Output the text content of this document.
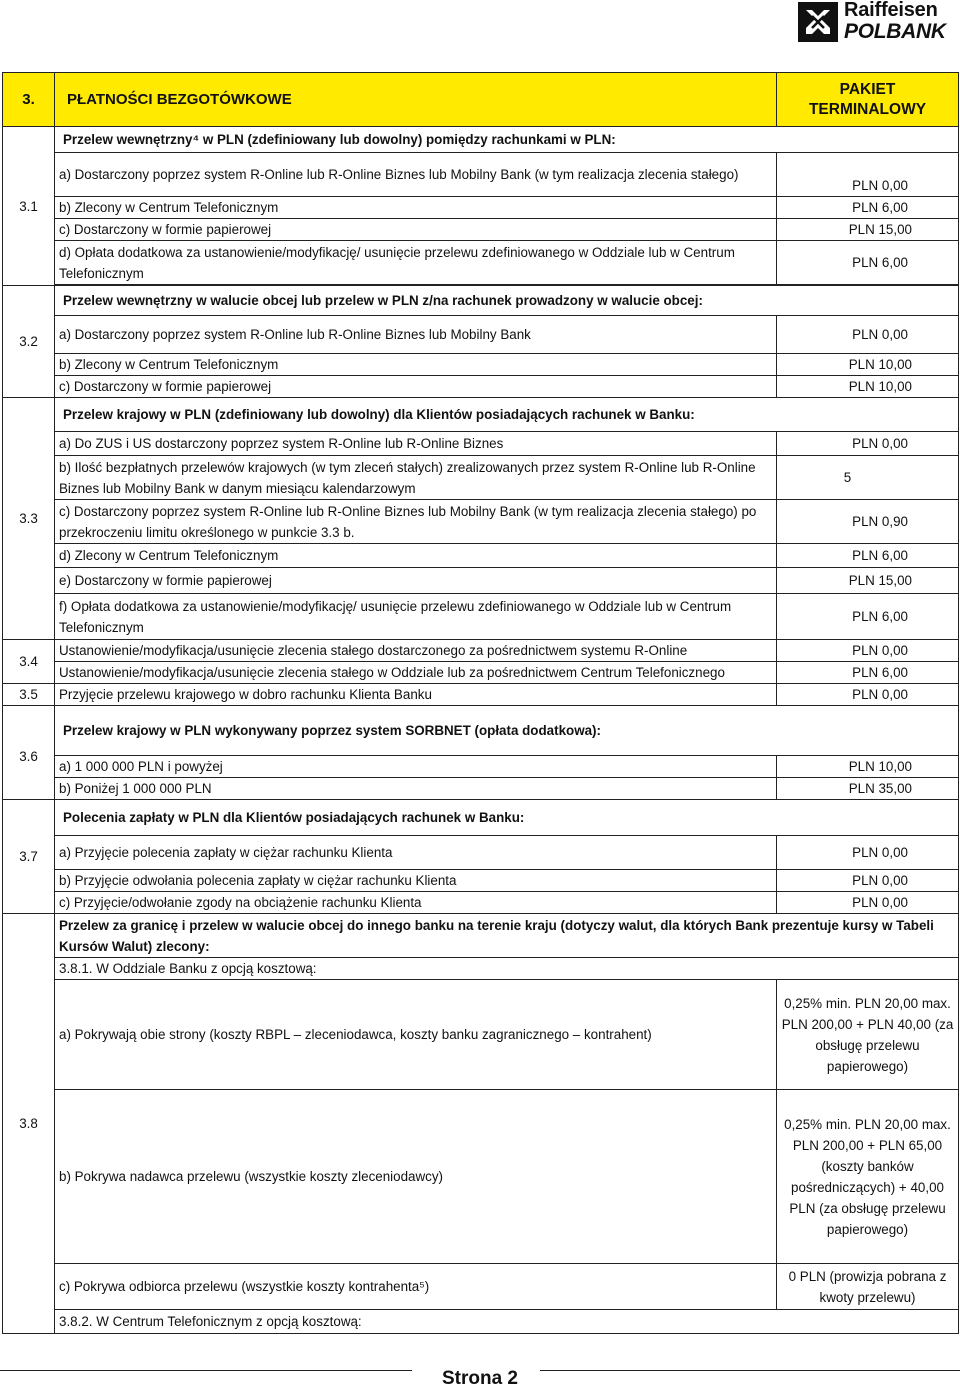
Raiffeisen
POLBANK
3.	PŁATNOŚCI BEZGOTÓWKOWE	PAKIET TERMINALOWY
3.1	Przelew wewnętrzny⁴ w PLN (zdefiniowany lub dowolny) pomiędzy rachunkami w PLN:	
	a) Dostarczony poprzez system R-Online lub R-Online Biznes lub Mobilny Bank (w tym realizacja zlecenia stałego)	PLN 0,00
	b) Zlecony w Centrum Telefonicznym	PLN 6,00
	c) Dostarczony w formie papierowej	PLN 15,00
	d) Opłata dodatkowa za ustanowienie/modyfikację/ usunięcie przelewu zdefiniowanego w Oddziale lub w Centrum Telefonicznym	PLN 6,00

3.2	Przelew wewnętrzny w walucie obcej lub przelew w PLN z/na rachunek prowadzony w walucie obcej:	
	a) Dostarczony poprzez system R-Online lub R-Online Biznes lub Mobilny Bank	PLN 0,00
	b) Zlecony w Centrum Telefonicznym	PLN 10,00
	c) Dostarczony w formie papierowej	PLN 10,00
3.3	Przelew krajowy w PLN (zdefiniowany lub dowolny) dla Klientów posiadających rachunek w Banku:	
	a) Do ZUS i US dostarczony poprzez system R-Online lub R-Online Biznes	PLN 0,00
	b) Ilość bezpłatnych przelewów krajowych (w tym zleceń stałych) zrealizowanych przez system R-Online lub R-Online Biznes lub Mobilny Bank w danym miesiącu kalendarzowym	5
	c) Dostarczony poprzez system R-Online lub R-Online Biznes lub Mobilny Bank (w tym realizacja zlecenia stałego) po przekroczeniu limitu określonego w punkcie 3.3 b.	PLN 0,90
	d) Zlecony w Centrum Telefonicznym	PLN 6,00
	e) Dostarczony w formie papierowej	PLN 15,00
	f) Opłata dodatkowa za ustanowienie/modyfikację/ usunięcie przelewu zdefiniowanego w Oddziale lub w Centrum Telefonicznym	PLN 6,00
3.4	Ustanowienie/modyfikacja/usunięcie zlecenia stałego dostarczonego za pośrednictwem systemu R-Online	PLN 0,00
	Ustanowienie/modyfikacja/usunięcie zlecenia stałego w Oddziale lub za pośrednictwem Centrum Telefonicznego	PLN 6,00
3.5	Przyjęcie przelewu krajowego w dobro rachunku Klienta Banku	PLN 0,00
3.6	Przelew krajowy w PLN wykonywany poprzez system SORBNET (opłata dodatkowa):	
	a) 1 000 000 PLN i powyżej	PLN 10,00
	b) Poniżej 1 000 000 PLN	PLN 35,00
3.7	Polecenia zapłaty w PLN dla Klientów posiadających rachunek w Banku:	
	a) Przyjęcie polecenia zapłaty w ciężar rachunku Klienta	PLN 0,00
	b) Przyjęcie odwołania polecenia zapłaty w ciężar rachunku Klienta	PLN 0,00
	c) Przyjęcie/odwołanie zgody na obciążenie rachunku Klienta	PLN 0,00
3.8	Przelew za granicę i przelew w walucie obcej do innego banku na terenie kraju (dotyczy walut, dla których Bank prezentuje kursy w Tabeli Kursów Walut) zlecony:	
	3.8.1. W Oddziale Banku z opcją kosztową:	
	a) Pokrywają obie strony (koszty RBPL – zleceniodawca, koszty banku zagranicznego – kontrahent)	0,25% min. PLN 20,00 max. PLN 200,00 + PLN 40,00 (za obsługę przelewu papierowego)
	b) Pokrywa nadawca przelewu (wszystkie koszty zleceniodawcy)	0,25% min. PLN 20,00 max. PLN 200,00 + PLN 65,00 (koszty banków pośredniczących) + 40,00 PLN (za obsługę przelewu papierowego)
	c) Pokrywa odbiorca przelewu (wszystkie koszty kontrahenta⁵)	0 PLN (prowizja pobrana z kwoty przelewu)
	3.8.2. W Centrum Telefonicznym z opcją kosztową:	
Strona 2
